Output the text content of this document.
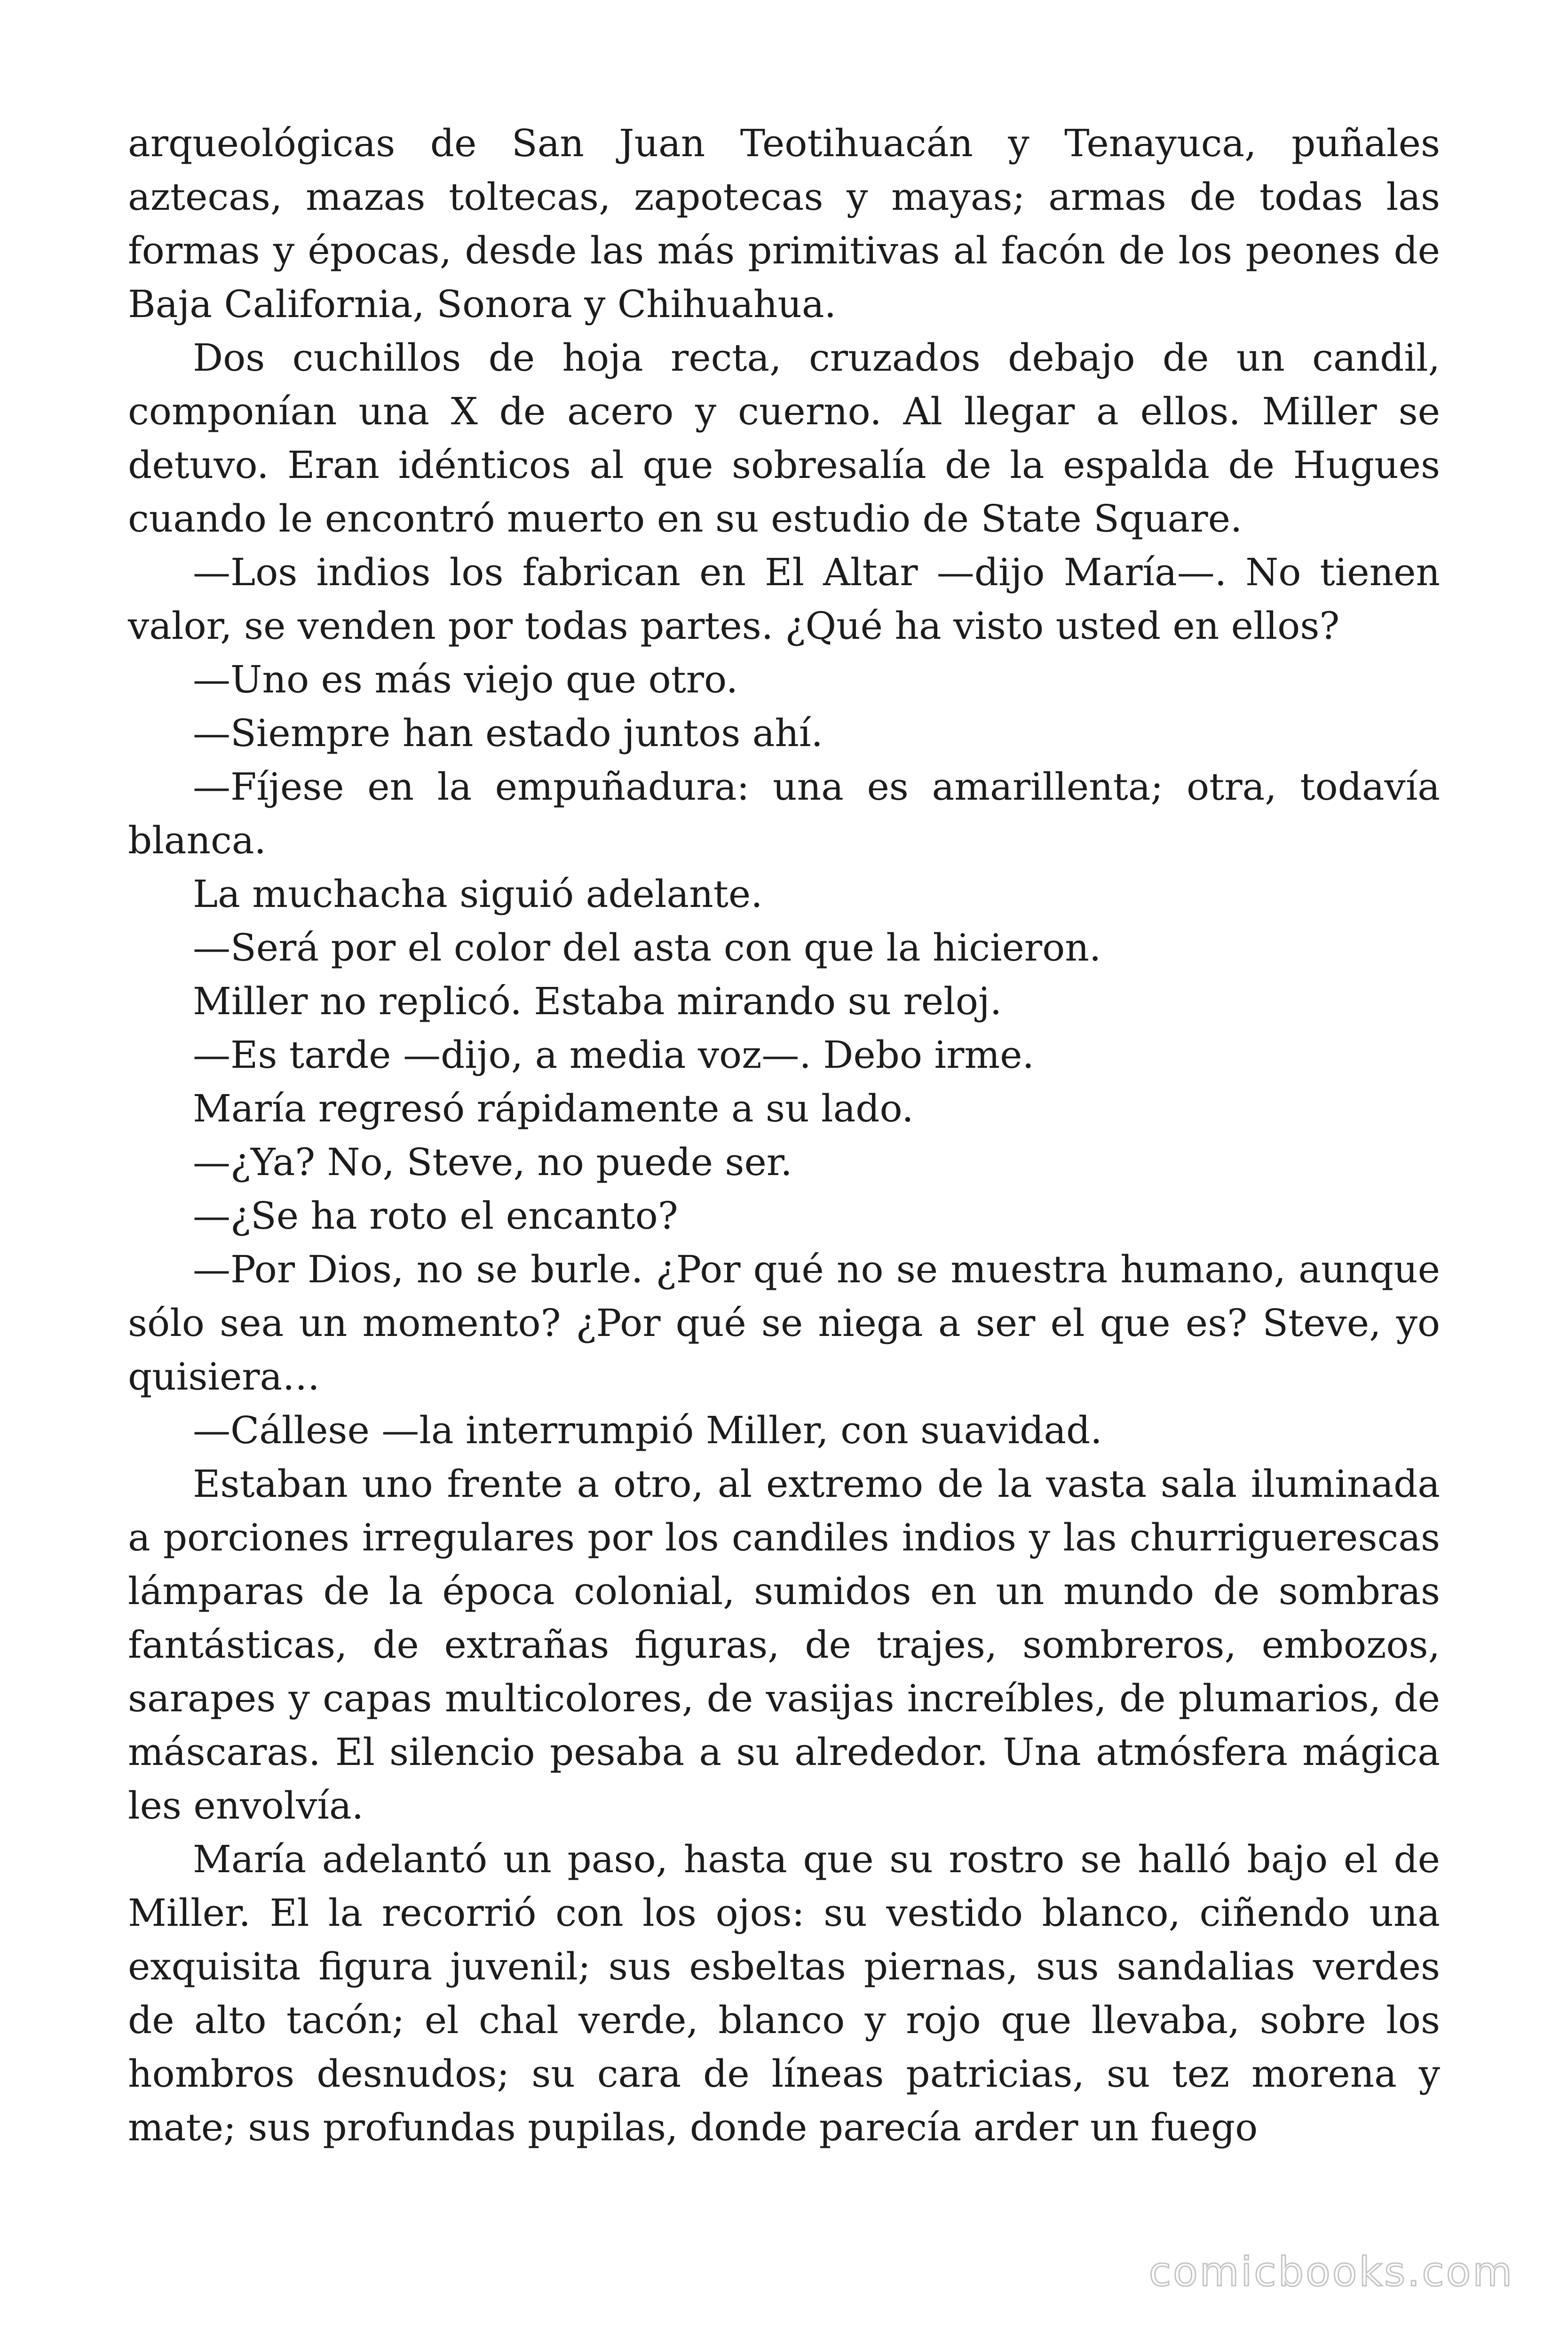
arqueológicas de San Juan Teotihuacán y Tenayuca, puñales aztecas, mazas toltecas, zapotecas y mayas; armas de todas las formas y épocas, desde las más primitivas al facón de los peones de Baja California, Sonora y Chihuahua.

Dos cuchillos de hoja recta, cruzados debajo de un candil, componían una X de acero y cuerno. Al llegar a ellos. Miller se detuvo. Eran idénticos al que sobresalía de la espalda de Hugues cuando le encontró muerto en su estudio de State Square.

—Los indios los fabrican en El Altar —dijo María—. No tienen valor, se venden por todas partes. ¿Qué ha visto usted en ellos?

—Uno es más viejo que otro.

—Siempre han estado juntos ahí.

—Fíjese en la empuñadura: una es amarillenta; otra, todavía blanca.

La muchacha siguió adelante.

—Será por el color del asta con que la hicieron.

Miller no replicó. Estaba mirando su reloj.

—Es tarde —dijo, a media voz—. Debo irme.

María regresó rápidamente a su lado.

—¿Ya? No, Steve, no puede ser.

—¿Se ha roto el encanto?

—Por Dios, no se burle. ¿Por qué no se muestra humano, aunque sólo sea un momento? ¿Por qué se niega a ser el que es? Steve, yo quisiera…

—Cállese —la interrumpió Miller, con suavidad.

Estaban uno frente a otro, al extremo de la vasta sala iluminada a porciones irregulares por los candiles indios y las churriguerescas lámparas de la época colonial, sumidos en un mundo de sombras fantásticas, de extrañas figuras, de trajes, sombreros, embozos, sarapes y capas multicolores, de vasijas increíbles, de plumarios, de máscaras. El silencio pesaba a su alrededor. Una atmósfera mágica les envolvía.

María adelantó un paso, hasta que su rostro se halló bajo el de Miller. El la recorrió con los ojos: su vestido blanco, ciñendo una exquisita figura juvenil; sus esbeltas piernas, sus sandalias verdes de alto tacón; el chal verde, blanco y rojo que llevaba, sobre los hombros desnudos; su cara de líneas patricias, su tez morena y mate; sus profundas pupilas, donde parecía arder un fuego

comicbooks.com
